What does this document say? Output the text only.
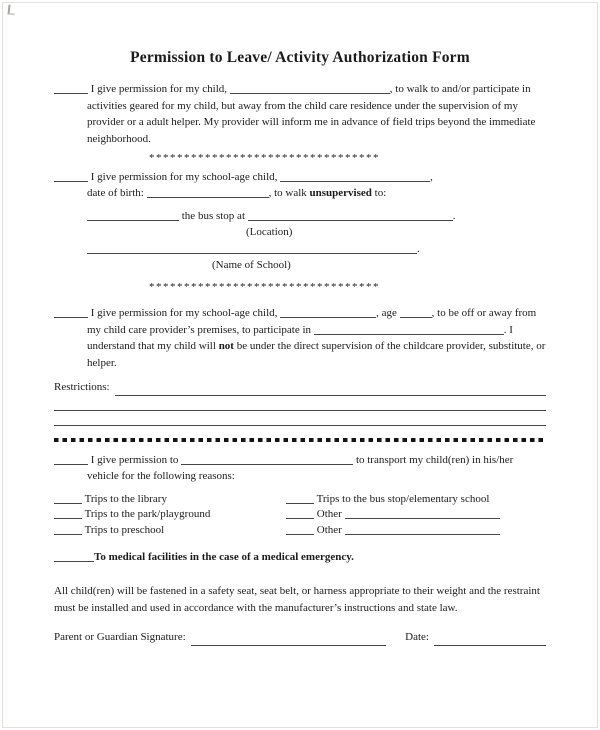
Permission to Leave/ Activity Authorization Form

I give permission for my child,	, to walk to and/or participate in activities geared for my child, but away from the child care residence under the supervision of my provider or a adult helper. My provider will inform me in advance of field trips beyond the immediate neighborhood.

*********************************
I give permission for my school-age child,	,
date of birth:	, to walk unsupervised to:
the bus stop at	.
(Location)
.
(Name of School)
*********************************
I give permission for my school-age child,	, age	, to be off or away from
my child care provider’s premises, to participate in	. I understand that my child will not be under the direct supervision of the childcare provider, substitute, or helper.
Restrictions:
I give permission to	to transport my child(ren) in his/her
vehicle for the following reasons:
Trips to the library	Trips to the bus stop/elementary school
Trips to the park/playground	Other
Trips to preschool	Other
To medical facilities in the case of a medical emergency.

All child(ren) will be fastened in a safety seat, seat belt, or harness appropriate to their weight and the restraint must be installed and used in accordance with the manufacturer’s instructions and state law.

Parent or Guardian Signature:	Date:
